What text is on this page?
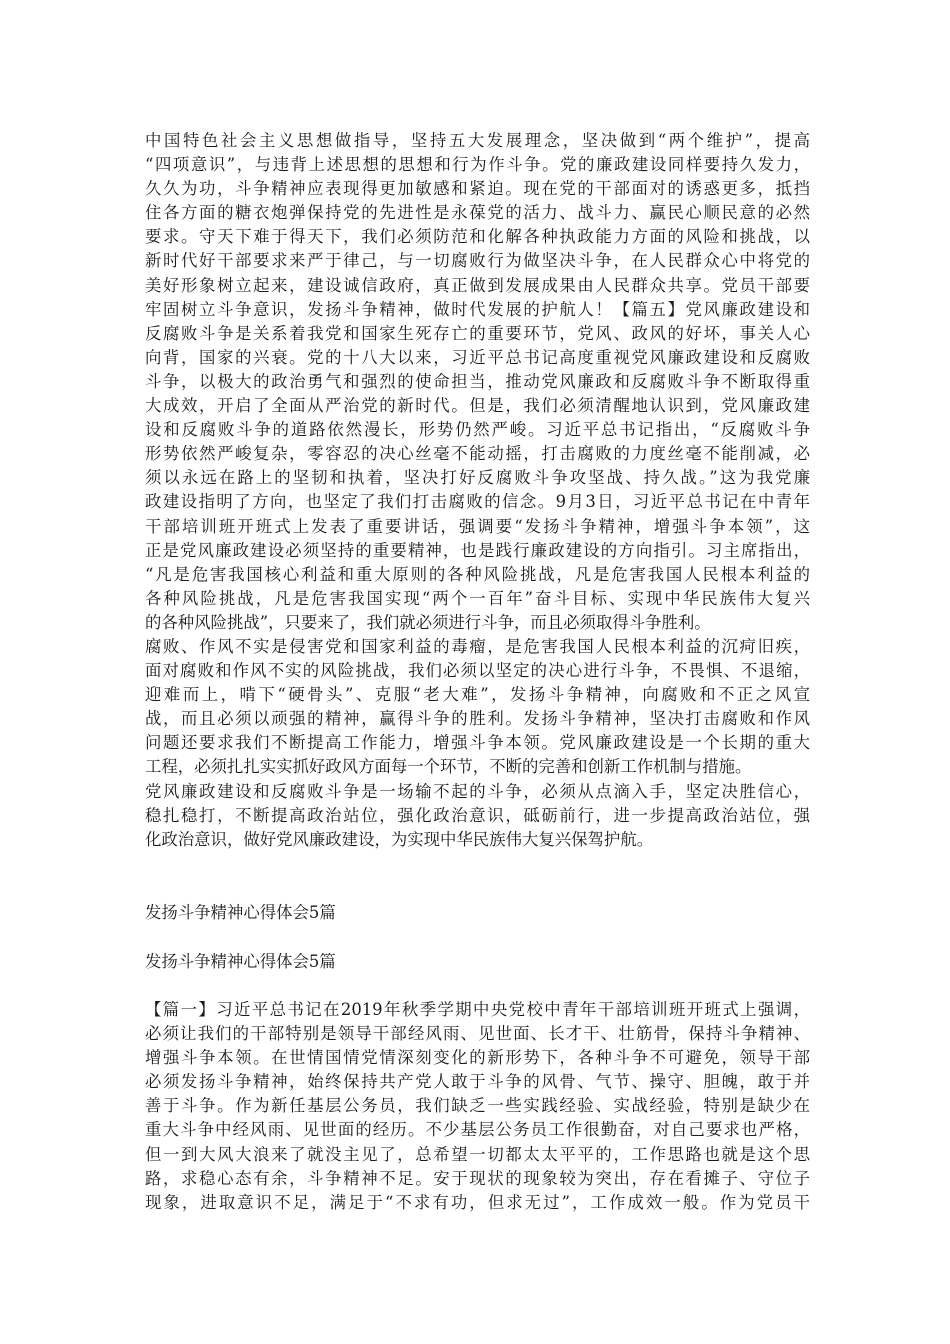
中国特色社会主义思想做指导，坚持五大发展理念，坚决做到“两个维护”，提高
“四项意识”，与违背上述思想的思想和行为作斗争。党的廉政建设同样要持久发力，
久久为功，斗争精神应表现得更加敏感和紧迫。现在党的干部面对的诱惑更多，抵挡
住各方面的糖衣炮弹保持党的先进性是永葆党的活力、战斗力、赢民心顺民意的必然
要求。守天下难于得天下，我们必须防范和化解各种执政能力方面的风险和挑战，以
新时代好干部要求来严于律己，与一切腐败行为做坚决斗争，在人民群众心中将党的
美好形象树立起来，建设诚信政府，真正做到发展成果由人民群众共享。党员干部要
牢固树立斗争意识，发扬斗争精神，做时代发展的护航人！【篇五】党风廉政建设和
反腐败斗争是关系着我党和国家生死存亡的重要环节，党风、政风的好坏，事关人心
向背，国家的兴衰。党的十八大以来，习近平总书记高度重视党风廉政建设和反腐败
斗争，以极大的政治勇气和强烈的使命担当，推动党风廉政和反腐败斗争不断取得重
大成效，开启了全面从严治党的新时代。但是，我们必须清醒地认识到，党风廉政建
设和反腐败斗争的道路依然漫长，形势仍然严峻。习近平总书记指出，“反腐败斗争
形势依然严峻复杂，零容忍的决心丝毫不能动摇，打击腐败的力度丝毫不能削减，必
须以永远在路上的坚韧和执着，坚决打好反腐败斗争攻坚战、持久战。”这为我党廉
政建设指明了方向，也坚定了我们打击腐败的信念。9月3日，习近平总书记在中青年
干部培训班开班式上发表了重要讲话，强调要“发扬斗争精神，增强斗争本领”，这
正是党风廉政建设必须坚持的重要精神，也是践行廉政建设的方向指引。习主席指出，
“凡是危害我国核心利益和重大原则的各种风险挑战，凡是危害我国人民根本利益的
各种风险挑战，凡是危害我国实现“两个一百年”奋斗目标、实现中华民族伟大复兴
的各种风险挑战”，只要来了，我们就必须进行斗争，而且必须取得斗争胜利。
腐败、作风不实是侵害党和国家利益的毒瘤，是危害我国人民根本利益的沉疴旧疾，
面对腐败和作风不实的风险挑战，我们必须以坚定的决心进行斗争，不畏惧、不退缩，
迎难而上，啃下“硬骨头”、克服“老大难”，发扬斗争精神，向腐败和不正之风宣
战，而且必须以顽强的精神，赢得斗争的胜利。发扬斗争精神，坚决打击腐败和作风
问题还要求我们不断提高工作能力，增强斗争本领。党风廉政建设是一个长期的重大
工程，必须扎扎实实抓好政风方面每一个环节，不断的完善和创新工作机制与措施。
党风廉政建设和反腐败斗争是一场输不起的斗争，必须从点滴入手，坚定决胜信心，
稳扎稳打，不断提高政治站位，强化政治意识，砥砺前行，进一步提高政治站位，强
化政治意识，做好党风廉政建设，为实现中华民族伟大复兴保驾护航。
发扬斗争精神心得体会5篇
发扬斗争精神心得体会5篇
【篇一】习近平总书记在2019年秋季学期中央党校中青年干部培训班开班式上强调，
必须让我们的干部特别是领导干部经风雨、见世面、长才干、壮筋骨，保持斗争精神、
增强斗争本领。在世情国情党情深刻变化的新形势下，各种斗争不可避免，领导干部
必须发扬斗争精神，始终保持共产党人敢于斗争的风骨、气节、操守、胆魄，敢于并
善于斗争。作为新任基层公务员，我们缺乏一些实践经验、实战经验，特别是缺少在
重大斗争中经风雨、见世面的经历。不少基层公务员工作很勤奋，对自己要求也严格，
但一到大风大浪来了就没主见了，总希望一切都太太平平的，工作思路也就是这个思
路，求稳心态有余，斗争精神不足。安于现状的现象较为突出，存在看摊子、守位子
现象，进取意识不足，满足于“不求有功，但求无过”，工作成效一般。作为党员干
